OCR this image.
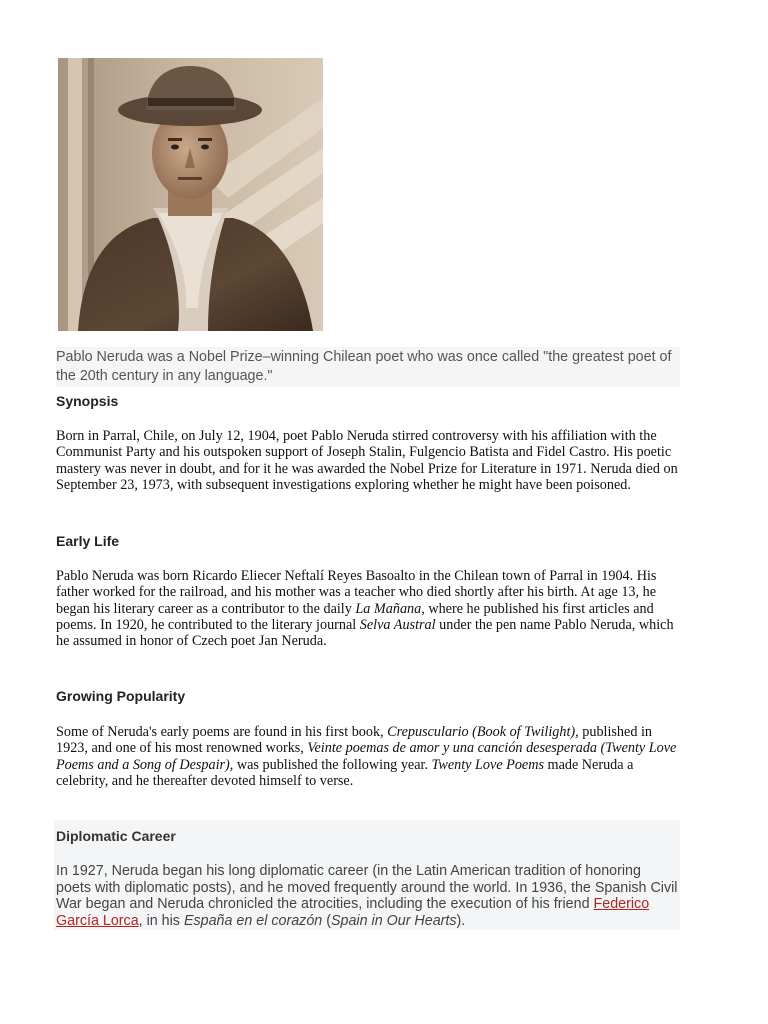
Pablo Neruda was a Nobel Prize–winning Chilean poet who was once called "the greatest poet of the 20th century in any language."
Synopsis

Born in Parral, Chile, on July 12, 1904, poet Pablo Neruda stirred controversy with his affiliation with the Communist Party and his outspoken support of Joseph Stalin, Fulgencio Batista and Fidel Castro. His poetic mastery was never in doubt, and for it he was awarded the Nobel Prize for Literature in 1971. Neruda died on September 23, 1973, with subsequent investigations exploring whether he might have been poisoned.

Early Life

Pablo Neruda was born Ricardo Eliecer Neftalí Reyes Basoalto in the Chilean town of Parral in 1904. His father worked for the railroad, and his mother was a teacher who died shortly after his birth. At age 13, he began his literary career as a contributor to the daily La Mañana, where he published his first articles and poems. In 1920, he contributed to the literary journal Selva Austral under the pen name Pablo Neruda, which he assumed in honor of Czech poet Jan Neruda.

Growing Popularity

Some of Neruda's early poems are found in his first book, Crepusculario (Book of Twilight), published in 1923, and one of his most renowned works, Veinte poemas de amor y una canción desesperada (Twenty Love Poems and a Song of Despair), was published the following year. Twenty Love Poems made Neruda a celebrity, and he thereafter devoted himself to verse.

Diplomatic Career

In 1927, Neruda began his long diplomatic career (in the Latin American tradition of honoring poets with diplomatic posts), and he moved frequently around the world. In 1936, the Spanish Civil War began and Neruda chronicled the atrocities, including the execution of his friend Federico García Lorca, in his España en el corazón (Spain in Our Hearts).
